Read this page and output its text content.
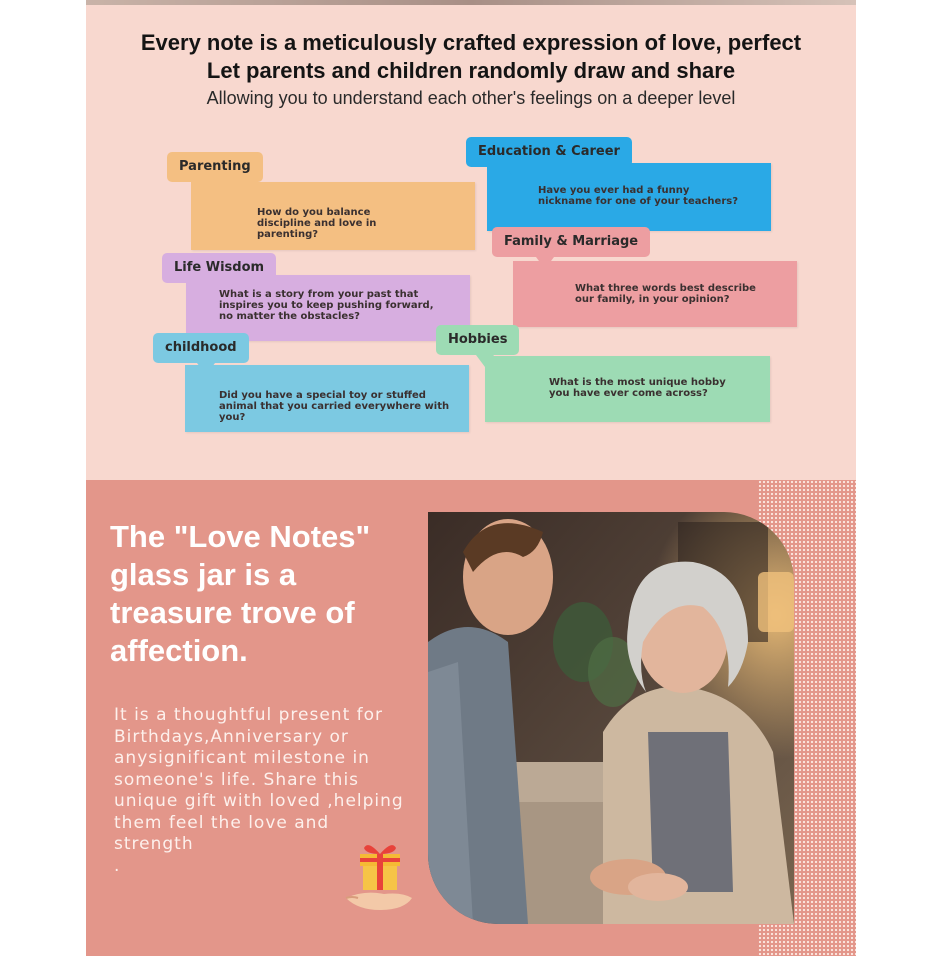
Every note is a meticulously crafted expression of love, perfect
Let parents and children randomly draw and share
Allowing you to understand each other's feelings on a deeper level
How do you balance discipline and love in parenting?
Parenting
Have you ever had a funny nickname for one of your teachers?
Education & Career
What three words best describe our family, in your opinion?
Family & Marriage
What is a story from your past that inspires you to keep pushing forward, no matter the obstacles?
Life Wisdom
Did you have a special toy or stuffed animal that you carried everywhere with you?
childhood
What is the most unique hobby you have ever come across?
Hobbies
The "Love Notes" glass jar is a treasure trove of affection.
It is a thoughtful present for Birthdays,Anniversary or anysignificant milestone in someone's life. Share this unique gift with loved ,helping them feel the love and strength
.
